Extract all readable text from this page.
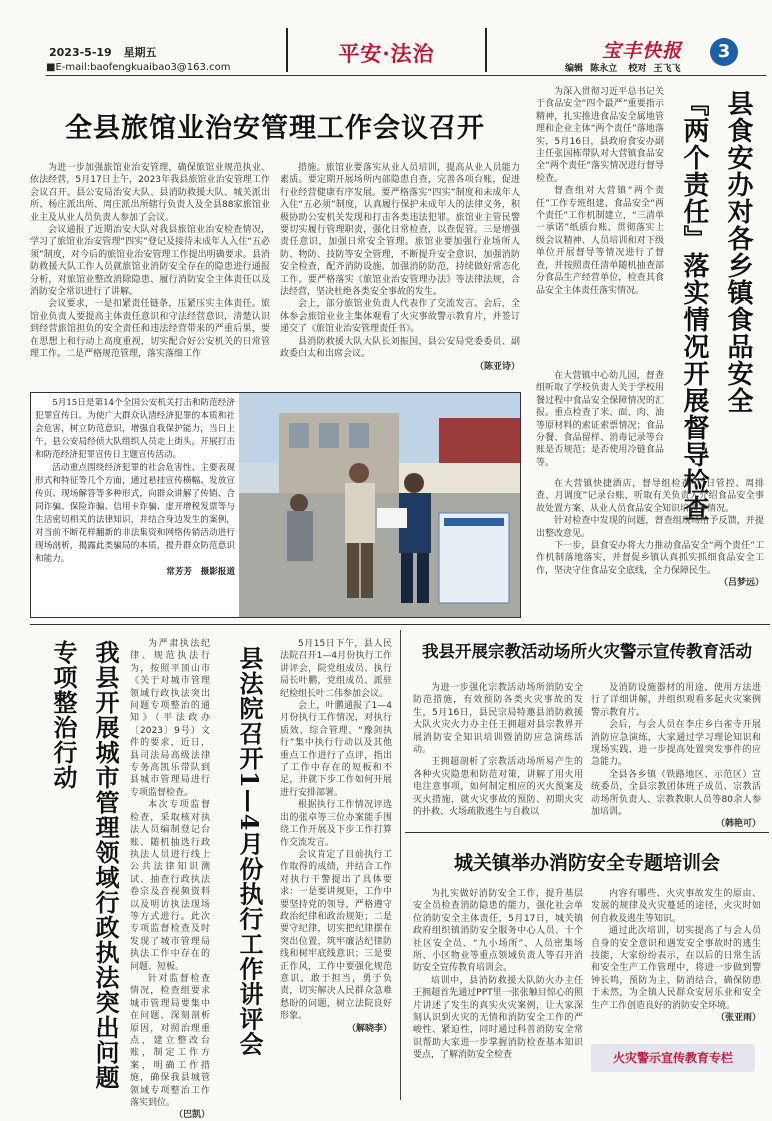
2023-5-19 星期五
■E-mail:baofengkuaibao3@163.com
平安·法治	宝丰快报	3
编辑 陈永立 校对 王飞飞
全县旅馆业治安管理工作会议召开

为进一步加强旅馆业治安管理，确保旅馆业规范执业、依法经营，5月17日上午，2023年我县旅馆业治安管理工作会议召开。县公安局治安大队、县消防救援大队、城关派出所、杨庄派出所、周庄派出所辖行负责人及全县88家旅馆业业主及从业人员负责人参加了会议。

会议通报了近期治安大队对我县旅馆业治安检查情况，学习了旅馆业治安管理“四实”登记及接待未成年人入住“五必须”制度，对今后的旅馆业治安管理工作提出明确要求。县消防救援大队工作人员就旅馆业消防安全存在的隐患进行通报分析，对旅馆业整改消除隐患、履行消防安全主体责任以及消防安全常识进行了讲解。

会议要求，一是扣紧责任链条，压紧压实主体责任。旅馆业负责人要提高主体责任意识和守法经营意识，清楚认识到经营旅馆担负的安全责任和违法经营带来的严重后果，要在思想上和行动上高度重视，切实配合好公安机关的日常管理工作。二是严格规范管理，落实落细工作

措施。旅馆业要落实从业人员培训，提高从业人员能力素质。要定期开展场所内部隐患自查，完善各项台账，促进行业经营健康有序发展。要严格落实“四实”制度和未成年人入住“五必须”制度，认真履行保护未成年人的法律义务，积极协助公安机关发现和打击各类违法犯罪。旅馆业主管民警要切实履行管理职责，强化日常检查，以查促管。三是增强责任意识，加强日常安全管理。旅馆业要加强行业场所人防、物防、技防等安全管理，不断提升安全意识，加强消防安全检查，配齐消防设施，加强消防防范，持续做好常态化工作。要严格落实《旅馆业治安管理办法》等法律法规，合法经营，坚决杜绝各类安全事故的发生。

会上，部分旅馆业负责人代表作了交流发言。会后，全体参会旅馆业业主集体观看了火灾事故警示教育片，并签订递交了《旅馆业治安管理责任书》。

县消防救援大队大队长刘振国，县公安局党委委员、副政委白太和出席会议。

（陈亚诗）

5月15日是第14个全国公安机关打击和防范经济犯罪宣传日。为使广大群众认清经济犯罪的本质和社会危害，树立防范意识，增强自我保护能力，当日上午，县公安局经侦大队组织人员走上街头，开展打击和防范经济犯罪宣传日主题宣传活动。

活动重点围绕经济犯罪的社会危害性、主要表现形式和特征等几个方面，通过悬挂宣传横幅、发放宣传页、现场解答等多种形式，向群众讲解了传销、合同诈骗、保险诈骗、信用卡诈骗、虚开增税发票等与生活密切相关的法律知识，并结合身边发生的案例，对当前不断花样翻新的非法集资和网络传销活动进行现场剖析，揭露此类骗局的本质，提升群众防范意识和能力。

常芳芳　摄影报道

为深入贯彻习近平总书记关于食品安全“四个最严”重要指示精神，扎实推进食品安全属地管理和企业主体“两个责任”落地落实，5月16日，县政府食安办副主任张国栋带队对大营镇食品安全“两个责任”落实情况进行督导检查。

督查组对大营镇“两个责任”工作专班组建、食品安全“两个责任”工作机制建立，“三清单一承诺”纸质台账、贯彻落实上级会议精神、人员培训和对下级单位开展督导等情况进行了督查，并按照责任清单随机抽查部分食品生产经营单位，检查其食品安全主体责任落实情况。	县食安办对各乡镇食品安全
『两个责任』落实情况开展督导检查

在大营镇中心幼儿园，督查组听取了学校负责人关于学校用餐过程中食品安全保障情况的汇报。重点检查了米、面、肉、油等原材料的索证索票情况；食品分餐、食品留样、消毒记录等台账是否规范；是否使用冷链食品等。

在大营镇快捷酒店，督导组检查了“日管控、周排查、月调度”记录台账，听取有关负责人介绍食品安全事故处置方案、从业人员食品安全知识培训等情况。

针对检查中发现的问题，督查组现场给予反馈，并提出整改意见。

下一步，县食安办将大力推动食品安全“两个责任”工作机制落地落实，并督促乡镇认真抓实抓细食品安全工作，坚决守住食品安全底线，全力保障民生。

（吕梦远）
我县开展城市管理领域行政执法突出问题专项整治行动	为严肃执法纪律、规范执法行为，按照平顶山市《关于对城市管理领域行政执法突出问题专项整治的通知》（平法政办〔2023〕9号）文件的要求，近日，县司法局高级法律专务高凯乐带队到县城市管理局进行专项监督检查。

本次专项监督检查，采取核对执法人员编制登记台账、随机抽选行政执法人员进行线上公共法律知识测试、抽查行政执法卷宗及音视频资料以及明访执法现场等方式进行。此次专项监督检查及时发现了城市管理局执法工作中存在的问题、短板。

针对监督检查情况，检查组要求城市管理局要集中在问题、深刻剖析原因，对照治理重点，建立整改台账，制定工作方案，明确工作措施，确保我县城管领域专项整治工作落实到位。

（巴凯）
县法院召开1—4月份执行工作讲评会

5月15日下午，县人民法院召开1—4月份执行工作讲评会，院党组成员、执行局长叶鹏，党组成员、派驻纪检组长叶二伟参加会议。

会上，叶鹏通报了1—4月份执行工作情况，对执行质效、综合管理、“豫剑执行”集中执行行动以及其他重点工作进行了点评，指出了工作中存在的短板和不足，并就下步工作如何开展进行安排部署。

根据执行工作情况评选出的张卓等三位办案能手围绕工作开展及下步工作打算作交流发言。

会议肯定了目前执行工作取得的成绩，并结合工作对执行干警提出了具体要求：一是要讲规矩，工作中要坚持党的领导，严格遵守政治纪律和政治规矩；二是要守纪律，切实把纪律摆在突出位置，筑牢廉洁纪律防线和树牢底线意识；三是要正作风，工作中要强化规范意识，敢于担当，勇于负责，切实解决人民群众急难愁盼的问题，树立法院良好形象。

（解晓李）
我县开展宗教活动场所火灾警示宣传教育活动

为进一步强化宗教活动场所消防安全防范措施，有效预防各类火灾事故的发生，5月16日，县民宗局特邀县消防救援大队火灾火力办主任王拥超对县宗教界开展消防安全知识培训暨消防应急演练活动。

王拥超剖析了宗教活动场所易产生的各种火灾隐患和防范对策，讲解了用火用电注意事项，如何制定相应的灭火预案及灭火措施，就火灾事故的预防、初期火灾的扑救、火场疏散逃生与自救以

及消防设施器材的用途、使用方法进行了详细讲解，并组织观看多起火灾案例警示教育片。

会后，与会人员在李庄乡白雀寺开展消防应急演练，大家通过学习理论知识和现场实践，进一步提高处置突发事件的应急能力。

全县各乡镇（铁路地区、示范区）宣统委员，全县宗教团体班子成员、宗教活动场所负责人、宗教教职人员等80余人参加培训。

（韩艳可）
城关镇举办消防安全专题培训会

为扎实做好消防安全工作，提升基层安全员检查消防隐患的能力，强化社会单位消防安全主体责任，5月17日，城关镇政府组织镇消防安全服务中心人员、十个社区安全员、“九小场所”、人员密集场所、小区物业等重点领域负责人等召开消防安全宣传教育培训会。

培训中，县消防救援大队防火办主任王拥超首先通过PPT里一张张触目惊心的照片讲述了发生的真实火灾案例，让大家深刻认识到火灾的无情和消防安全工作的严峻性、紧迫性，同时通过科普消防安全常识帮助大家进一步掌握消防检查基本知识要点，了解消防安全检查

内容有哪些、火灾事故发生的原由、发展的规律及火灾蔓延的途径，火灾时如何自救及逃生等知识。

通过此次培训，切实提高了与会人员自身的安全意识和遇发安全事故时的逃生技能，大家纷纷表示，在以后的日常生活和安全生产工作管理中，将进一步做到警钟长鸣，预防为主，防消结合，确保防患于未然，为全镇人民群众安居乐业和安全生产工作创造良好的消防安全环境。

（张亚雨）
火灾警示宣传教育专栏
